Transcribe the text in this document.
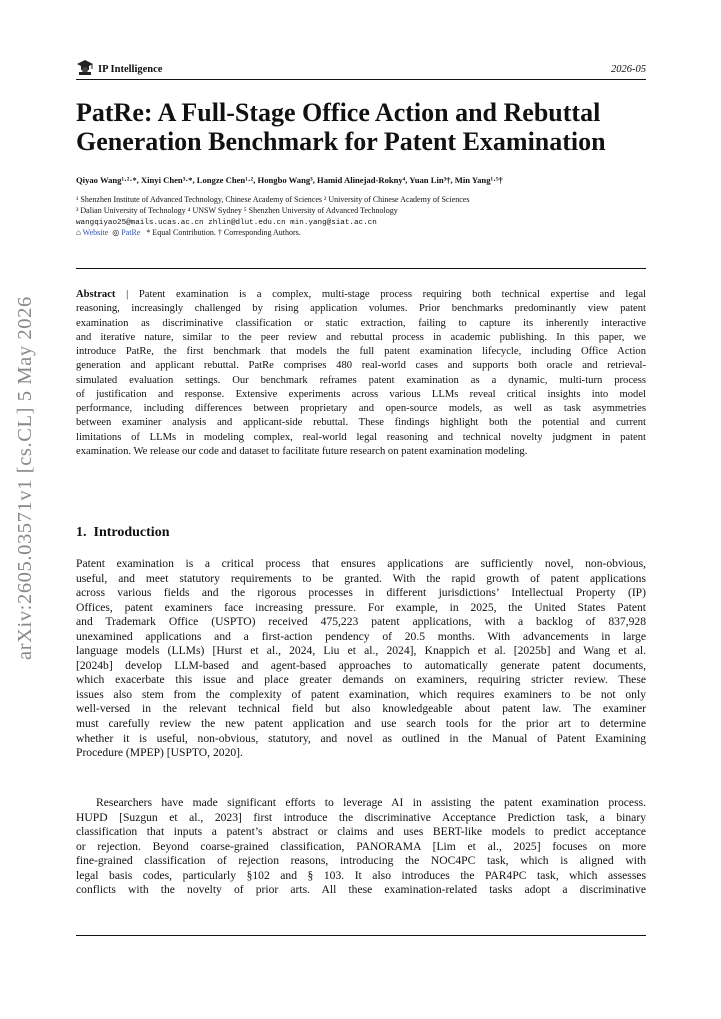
arXiv:2605.03571v1 [cs.CL] 5 May 2026
IP Intelligence	2026-05
PatRe: A Full-Stage Office Action and Rebuttal
Generation Benchmark for Patent Examination
Qiyao Wang¹·²·*, Xinyi Chen³·*, Longze Chen¹·², Hongbo Wang³, Hamid Alinejad-Rokny⁴, Yuan Lin³†, Min Yang¹·⁵†
¹ Shenzhen Institute of Advanced Technology, Chinese Academy of Sciences ² University of Chinese Academy of Sciences
³ Dalian University of Technology ⁴ UNSW Sydney ⁵ Shenzhen University of Advanced Technology
wangqiyao25@mails.ucas.ac.cn zhlin@dlut.edu.cn min.yang@siat.ac.cn
⌂ Website ◎ PatRe * Equal Contribution. † Corresponding Authors.
Abstract | Patent examination is a complex, multi-stage process requiring both technical expertise and legal
reasoning, increasingly challenged by rising application volumes. Prior benchmarks predominantly view patent
examination as discriminative classification or static extraction, failing to capture its inherently interactive
and iterative nature, similar to the peer review and rebuttal process in academic publishing. In this paper, we
introduce PatRe, the first benchmark that models the full patent examination lifecycle, including Office Action
generation and applicant rebuttal. PatRe comprises 480 real-world cases and supports both oracle and retrieval-
simulated evaluation settings. Our benchmark reframes patent examination as a dynamic, multi-turn process
of justification and response. Extensive experiments across various LLMs reveal critical insights into model
performance, including differences between proprietary and open-source models, as well as task asymmetries
between examiner analysis and applicant-side rebuttal. These findings highlight both the potential and current
limitations of LLMs in modeling complex, real-world legal reasoning and technical novelty judgment in patent
examination. We release our code and dataset to facilitate future research on patent examination modeling.
1. Introduction
Patent examination is a critical process that ensures applications are sufficiently novel, non-obvious,
useful, and meet statutory requirements to be granted. With the rapid growth of patent applications
across various fields and the rigorous processes in different jurisdictions’ Intellectual Property (IP)
Offices, patent examiners face increasing pressure. For example, in 2025, the United States Patent
and Trademark Office (USPTO) received 475,223 patent applications, with a backlog of 837,928
unexamined applications and a first-action pendency of 20.5 months. With advancements in large
language models (LLMs) [Hurst et al., 2024, Liu et al., 2024], Knappich et al. [2025b] and Wang et al.
[2024b] develop LLM-based and agent-based approaches to automatically generate patent documents,
which exacerbate this issue and place greater demands on examiners, requiring stricter review. These
issues also stem from the complexity of patent examination, which requires examiners to be not only
well-versed in the relevant technical field but also knowledgeable about patent law. The examiner
must carefully review the new patent application and use search tools for the prior art to determine
whether it is useful, non-obvious, statutory, and novel as outlined in the Manual of Patent Examining
Procedure (MPEP) [USPTO, 2020].
Researchers have made significant efforts to leverage AI in assisting the patent examination process.
HUPD [Suzgun et al., 2023] first introduce the discriminative Acceptance Prediction task, a binary
classification that inputs a patent’s abstract or claims and uses BERT-like models to predict acceptance
or rejection. Beyond coarse-grained classification, PANORAMA [Lim et al., 2025] focuses on more
fine-grained classification of rejection reasons, introducing the NOC4PC task, which is aligned with
legal basis codes, particularly §102 and § 103. It also introduces the PAR4PC task, which assesses
conflicts with the novelty of prior arts. All these examination-related tasks adopt a discriminative
